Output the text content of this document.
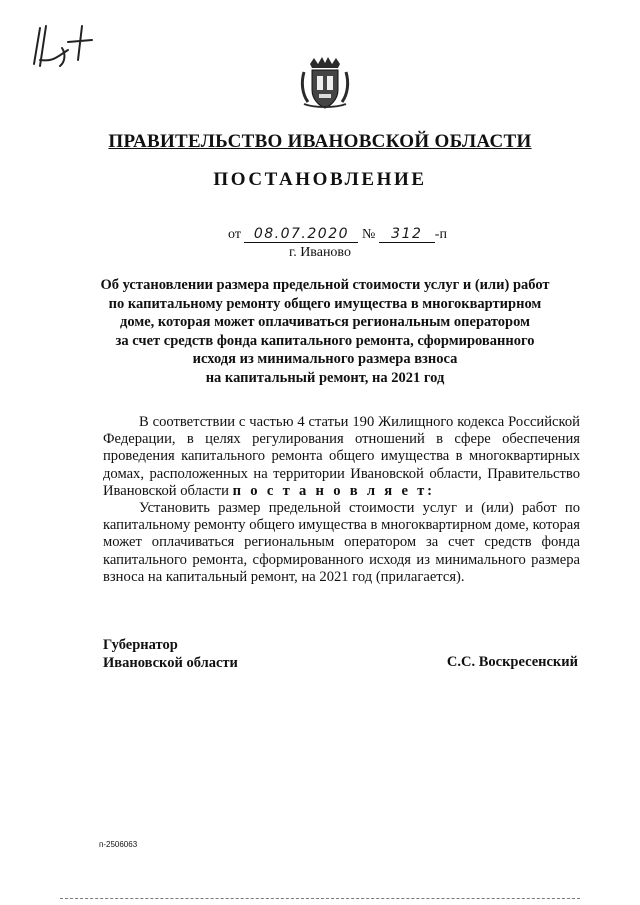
ПРАВИТЕЛЬСТВО ИВАНОВСКОЙ ОБЛАСТИ
ПОСТАНОВЛЕНИЕ
от 08.07.2020 № 312 -п
г. Иваново
Об установлении размера предельной стоимости услуг и (или) работ
по капитальному ремонту общего имущества в многоквартирном
доме, которая может оплачиваться региональным оператором
за счет средств фонда капитального ремонта, сформированного
исходя из минимального размера взноса
на капитальный ремонт, на 2021 год

В соответствии с частью 4 статьи 190 Жилищного кодекса Российской Федерации, в целях регулирования отношений в сфере обеспечения проведения капитального ремонта общего имущества в многоквартирных домах, расположенных на территории Ивановской области, Правительство Ивановской области п о с т а н о в л я е т:

Установить размер предельной стоимости услуг и (или) работ по капитальному ремонту общего имущества в многоквартирном доме, которая может оплачиваться региональным оператором за счет средств фонда капитального ремонта, сформированного исходя из минимального размера взноса на капитальный ремонт, на 2021 год (прилагается).

Губернатор
Ивановской области	С.С. Воскресенский
п-2506063
